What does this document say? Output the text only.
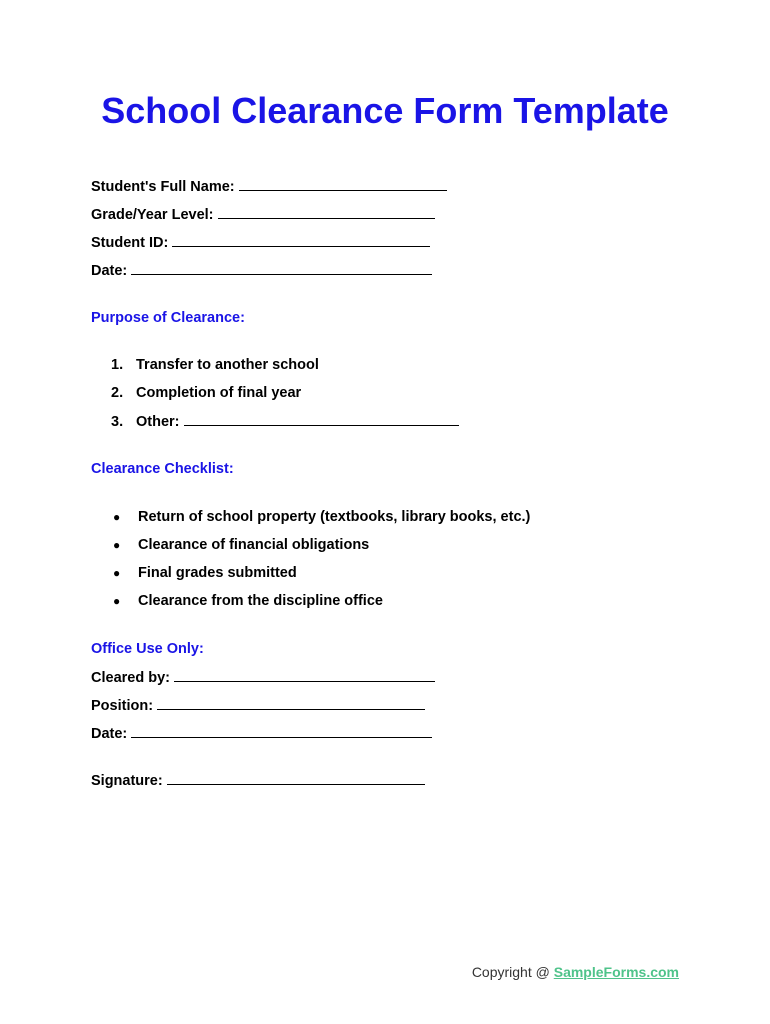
School Clearance Form Template
Student's Full Name:
Grade/Year Level:
Student ID:
Date:
Purpose of Clearance:
1. Transfer to another school
2. Completion of final year
3. Other:
Clearance Checklist:
● Return of school property (textbooks, library books, etc.)
● Clearance of financial obligations
● Final grades submitted
● Clearance from the discipline office
Office Use Only:
Cleared by:
Position:
Date:
Signature:
Copyright @ SampleForms.com
